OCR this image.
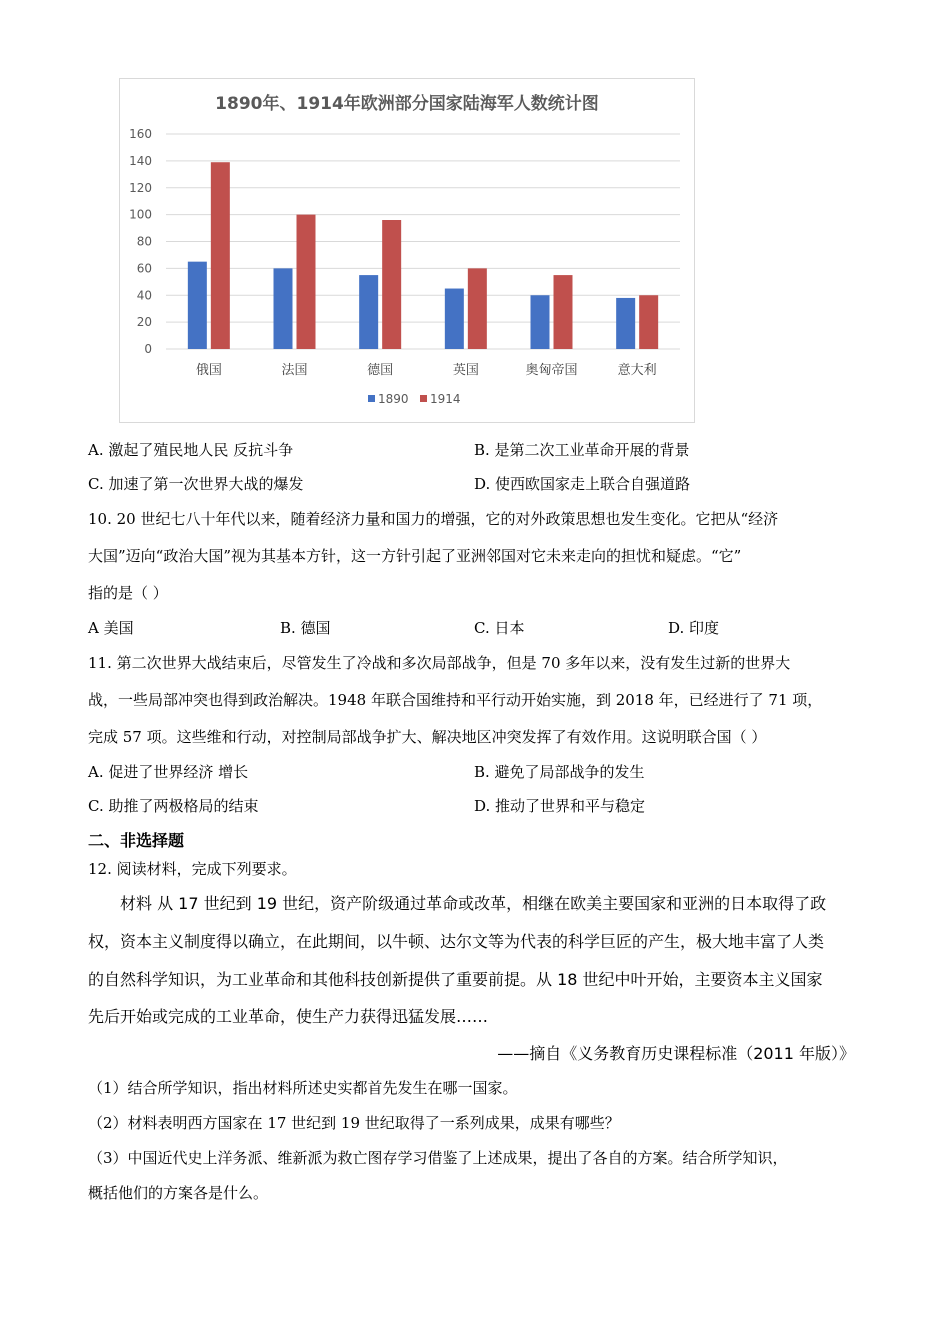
1890年、1914年欧洲部分国家陆海军人数统计图
0
20
40
60
80
100
120
140
160
俄国	法国	德国	英国	奥匈帝国	意大利
1890 1914
A. 激起了殖民地人民 反抗斗争	B. 是第二次工业革命开展的背景
C. 加速了第一次世界大战的爆发	D. 使西欧国家走上联合自强道路
10. 20 世纪七八十年代以来，随着经济力量和国力的增强，它的对外政策思想也发生变化。它把从“经济
大国”迈向“政治大国”视为其基本方针，这一方针引起了亚洲邻国对它未来走向的担忧和疑虑。“它”
指的是（ ）
A 美国	B. 德国	C. 日本	D. 印度
11. 第二次世界大战结束后，尽管发生了冷战和多次局部战争，但是 70 多年以来，没有发生过新的世界大
战，一些局部冲突也得到政治解决。1948 年联合国维持和平行动开始实施，到 2018 年，已经进行了 71 项，
完成 57 项。这些维和行动，对控制局部战争扩大、解决地区冲突发挥了有效作用。这说明联合国（ ）
A. 促进了世界经济 增长	B. 避免了局部战争的发生
C. 助推了两极格局的结束	D. 推动了世界和平与稳定
二、非选择题
12. 阅读材料，完成下列要求。
材料 从 17 世纪到 19 世纪，资产阶级通过革命或改革，相继在欧美主要国家和亚洲的日本取得了政
权，资本主义制度得以确立，在此期间，以牛顿、达尔文等为代表的科学巨匠的产生，极大地丰富了人类
的自然科学知识，为工业革命和其他科技创新提供了重要前提。从 18 世纪中叶开始，主要资本主义国家
先后开始或完成的工业革命，使生产力获得迅猛发展……
——摘自《义务教育历史课程标准（2011 年版）》
（1）结合所学知识，指出材料所述史实都首先发生在哪一国家。
（2）材料表明西方国家在 17 世纪到 19 世纪取得了一系列成果，成果有哪些？
（3）中国近代史上洋务派、维新派为救亡图存学习借鉴了上述成果，提出了各自的方案。结合所学知识，
概括他们的方案各是什么。
